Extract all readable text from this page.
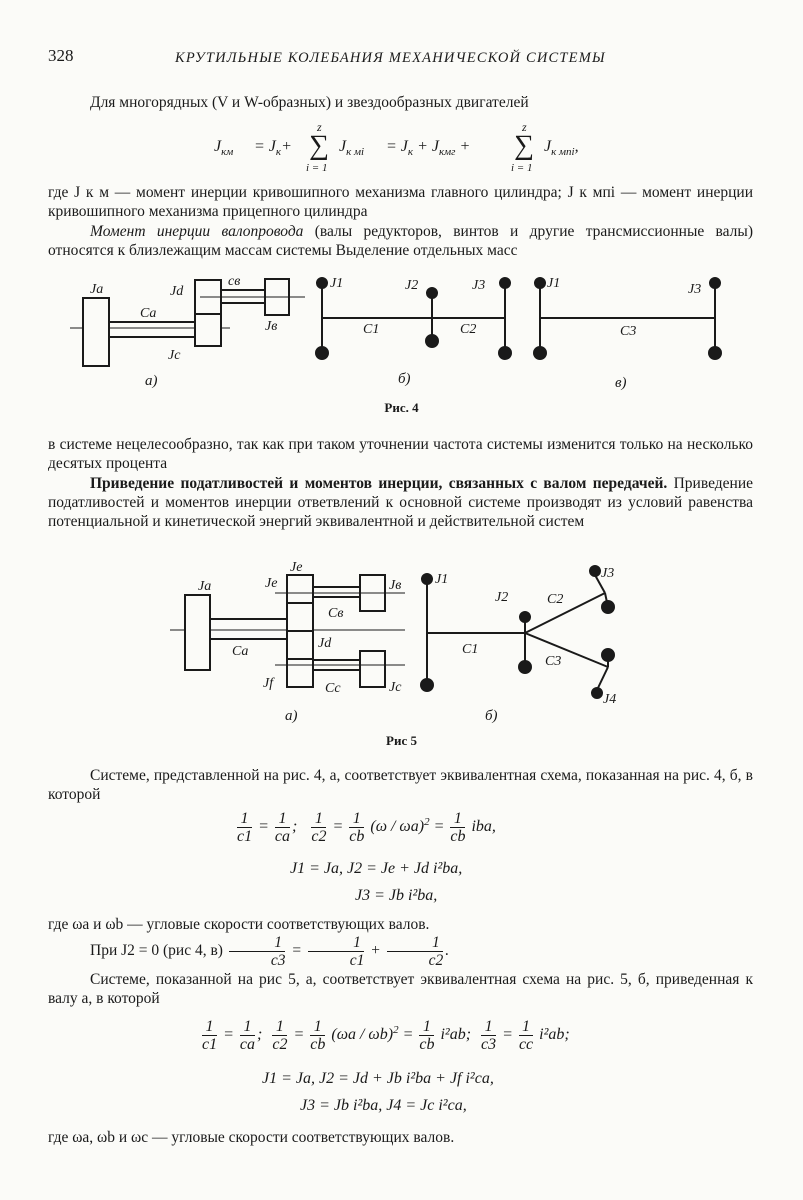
328	КРУТИЛЬНЫЕ КОЛЕБАНИЯ МЕХАНИЧЕСКОЙ СИСТЕМЫ
Для многорядных (V и W-образных) и звездообразных двигателей
$J_{км} = J_к+$
z
∑
i = 1
$J_{к мi} = J_к + J_{кмг}$ +
z
∑
i = 1
$J_{к мпi}$,
где J к м — момент инерции кривошипного механизма главного цилиндра; J к мпi — момент инерции кривошипного механизма прицепного цилиндра
Момент инерции валопровода (валы редукторов, винтов и другие трансмиссионные валы) относятся к близлежащим массам системы Выделение отдельных масс
Ja	Jd
cв
Ca
Jв
Jc
J1	J2	J3
C1	C2
J1	J3
C3
а)	б)	в)
Рис. 4
в системе нецелесообразно, так как при таком уточнении частота системы изменится только на несколько десятых процента
Приведение податливостей и моментов инерции, связанных с валом передачей. Приведение податливостей и моментов инерции ответвлений к основной системе производят из условий равенства потенциальной и кинетической энергий эквивалентной и действительной систем
Ja
Je
Je	Jв
Cв
Jd
Ca
Jf	Cc	Jc
J1
J2
J3
C2
C1
C3
J4
а)	б)
Рис 5
Системе, представленной на рис. 4, а, соответствует эквивалентная схема, показанная на рис. 4, б, в которой
$\frac{1}{c1} = \frac{1}{ca}$ ; $\frac{1}{c2} = \frac{1}{cb} (\omega / \omega a)^2 = \frac{1}{cb}$ iba,
J1 = Ja, J2 = Je + Jd i²ba,
J3 = Jb i²ba,
где ωa и ωb — угловые скорости соответствующих валов.
При J2 = 0 (рис 4, $в) \frac{1}{c3} = \frac{1}{c1} + \frac{1}{c2}$ .
Системе, показанной на рис 5, а, соответствует эквивалентная схема на рис. 5, б, приведенная к валу а, в которой
$\frac{1}{c1} = \frac{1}{ca}$ ; $\frac{1}{c2} = \frac{1}{cb} (\omega a / \omega b)^2 = \frac{1}{cb} i^2ab$; $\frac{1}{c3} = \frac{1}{cc} i^2ab$;
J1 = Ja, J2 = Jd + Jb i²ba + Jf i²ca,
J3 = Jb i²ba, J4 = Jc i²ca,
где ωa, ωb и ωc — угловые скорости соответствующих валов.
